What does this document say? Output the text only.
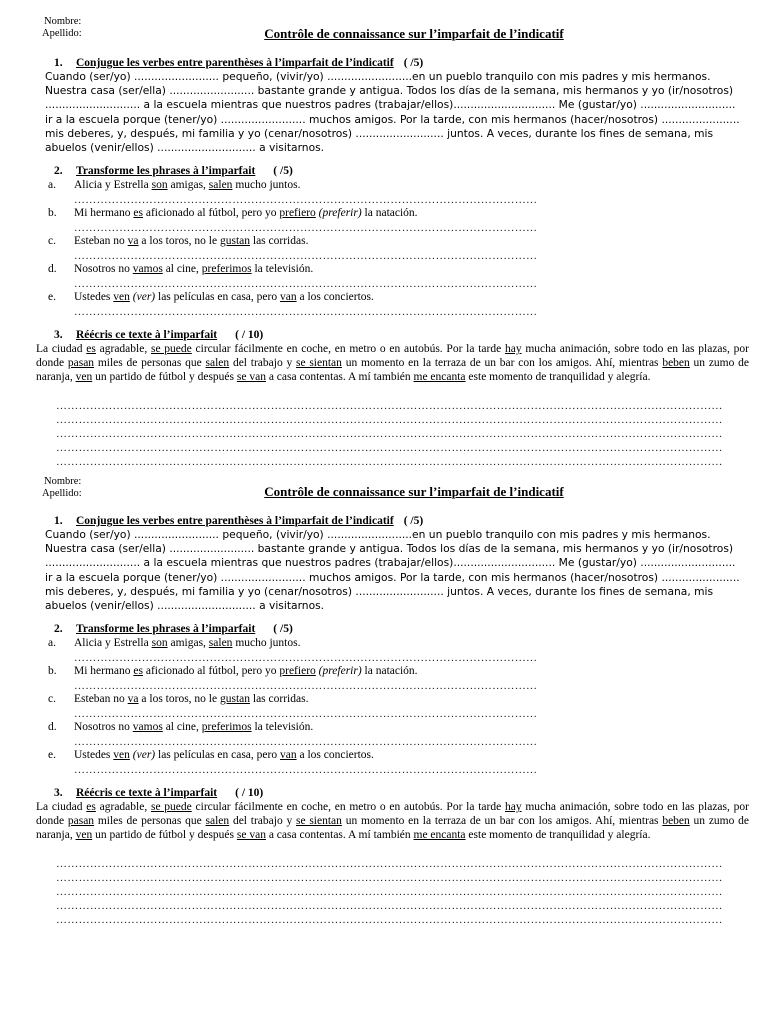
Nombre:
Apellido:	Contrôle de connaissance sur l’imparfait de l’indicatif
1. Conjugue les verbes entre parenthèses à l’imparfait de l’indicatif ( /5)
Cuando (ser/yo) ......................... pequeño, (vivir/yo) .........................en un pueblo tranquilo con mis padres y mis hermanos.
Nuestra casa (ser/ella) ......................... bastante grande y antigua. Todos los días de la semana, mis hermanos y yo (ir/nosotros)
............................ a la escuela mientras que nuestros padres (trabajar/ellos).............................. Me (gustar/yo) ............................
ir a la escuela porque (tener/yo) ......................... muchos amigos. Por la tarde, con mis hermanos (hacer/nosotros) .......................
mis deberes, y, después, mi familia y yo (cenar/nosotros) .......................... juntos. A veces, durante los fines de semana, mis
abuelos (venir/ellos) ............................. a visitarnos.
2. Transforme les phrases à l’imparfait ( /5)
a. Alicia y Estrella son amigas, salen mucho juntos.
……………………………………………………………………………………………………………
b. Mi hermano es aficionado al fútbol, pero yo prefiero (preferir) la natación.
……………………………………………………………………………………………………………
c. Esteban no va a los toros, no le gustan las corridas.
……………………………………………………………………………………………………………
d. Nosotros no vamos al cine, preferimos la televisión.
……………………………………………………………………………………………………………
e. Ustedes ven (ver) las películas en casa, pero van a los conciertos.
……………………………………………………………………………………………………………
3. Réécris ce texte à l’imparfait ( / 10)
La ciudad es agradable, se puede circular fácilmente en coche, en metro o en autobús. Por la tarde hay mucha animación, sobre todo en las plazas, por donde pasan miles de personas que salen del trabajo y se sientan un momento en la terraza de un bar con los amigos. Ahí, mientras beben un zumo de naranja, ven un partido de fútbol y después se van a casa contentas. A mí también me encanta este momento de tranquilidad y alegría.
……………………………………………………………………………………………………………………………………………………………
……………………………………………………………………………………………………………………………………………………………
……………………………………………………………………………………………………………………………………………………………
……………………………………………………………………………………………………………………………………………………………
……………………………………………………………………………………………………………………………………………………………
Nombre:
Apellido:	Contrôle de connaissance sur l’imparfait de l’indicatif
1. Conjugue les verbes entre parenthèses à l’imparfait de l’indicatif ( /5)
Cuando (ser/yo) ......................... pequeño, (vivir/yo) .........................en un pueblo tranquilo con mis padres y mis hermanos.
Nuestra casa (ser/ella) ......................... bastante grande y antigua. Todos los días de la semana, mis hermanos y yo (ir/nosotros)
............................ a la escuela mientras que nuestros padres (trabajar/ellos).............................. Me (gustar/yo) ............................
ir a la escuela porque (tener/yo) ......................... muchos amigos. Por la tarde, con mis hermanos (hacer/nosotros) .......................
mis deberes, y, después, mi familia y yo (cenar/nosotros) .......................... juntos. A veces, durante los fines de semana, mis
abuelos (venir/ellos) ............................. a visitarnos.
2. Transforme les phrases à l’imparfait ( /5)
a. Alicia y Estrella son amigas, salen mucho juntos.
……………………………………………………………………………………………………………
b. Mi hermano es aficionado al fútbol, pero yo prefiero (preferir) la natación.
……………………………………………………………………………………………………………
c. Esteban no va a los toros, no le gustan las corridas.
……………………………………………………………………………………………………………
d. Nosotros no vamos al cine, preferimos la televisión.
……………………………………………………………………………………………………………
e. Ustedes ven (ver) las películas en casa, pero van a los conciertos.
……………………………………………………………………………………………………………
3. Réécris ce texte à l’imparfait ( / 10)
La ciudad es agradable, se puede circular fácilmente en coche, en metro o en autobús. Por la tarde hay mucha animación, sobre todo en las plazas, por donde pasan miles de personas que salen del trabajo y se sientan un momento en la terraza de un bar con los amigos. Ahí, mientras beben un zumo de naranja, ven un partido de fútbol y después se van a casa contentas. A mí también me encanta este momento de tranquilidad y alegría.
……………………………………………………………………………………………………………………………………………………………
……………………………………………………………………………………………………………………………………………………………
……………………………………………………………………………………………………………………………………………………………
……………………………………………………………………………………………………………………………………………………………
……………………………………………………………………………………………………………………………………………………………
